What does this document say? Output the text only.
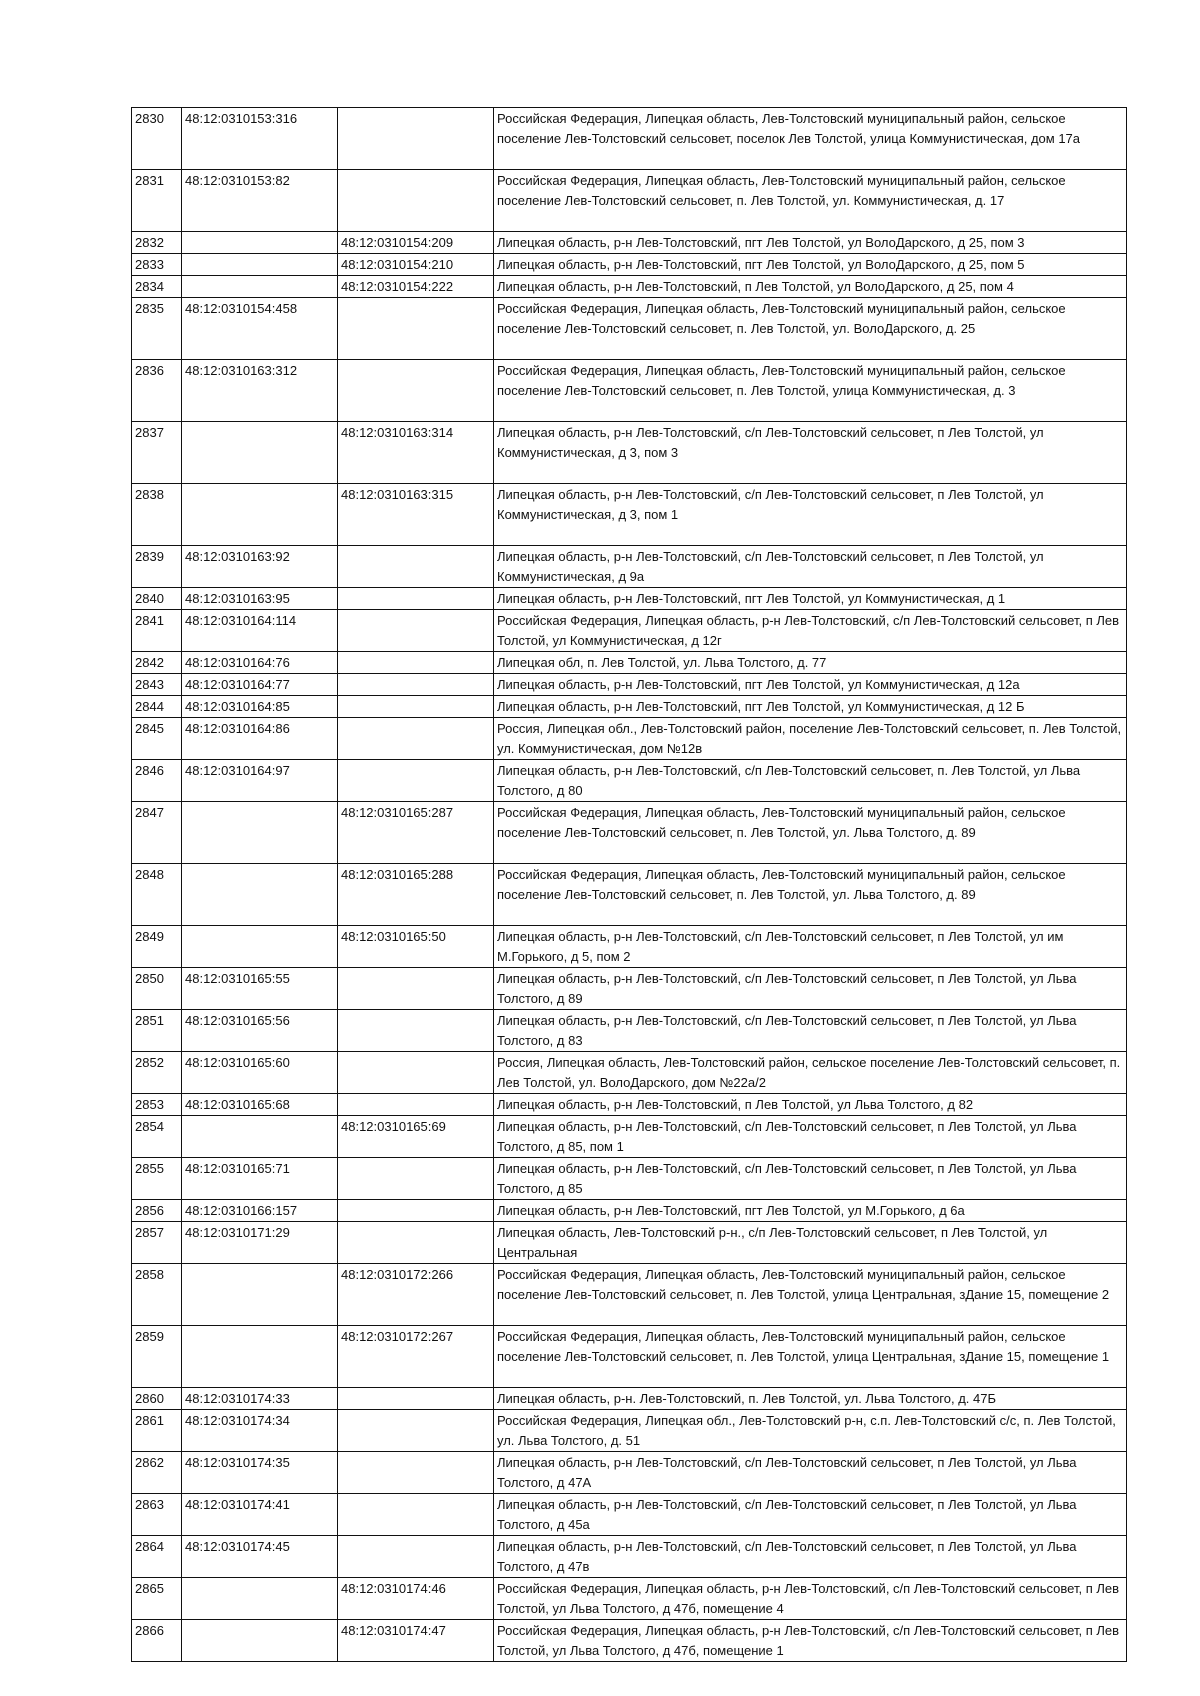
2830	48:12:0310153:316		Российская Федерация, Липецкая область, Лев-Толстовский муниципальный район, сельское поселение Лев-Толстовский сельсовет, поселок Лев Толстой, улица Коммунистическая, дом 17а
2831	48:12:0310153:82		Российская Федерация, Липецкая область, Лев-Толстовский муниципальный район, сельское поселение Лев-Толстовский сельсовет, п. Лев Толстой, ул. Коммунистическая, д. 17
2832		48:12:0310154:209	Липецкая область, р-н Лев-Толстовский, пгт Лев Толстой, ул ВолоДарского, д 25, пом 3
2833		48:12:0310154:210	Липецкая область, р-н Лев-Толстовский, пгт Лев Толстой, ул ВолоДарского, д 25, пом 5
2834		48:12:0310154:222	Липецкая область, р-н Лев-Толстовский, п Лев Толстой, ул ВолоДарского, д 25, пом 4
2835	48:12:0310154:458		Российская Федерация, Липецкая область, Лев-Толстовский муниципальный район, сельское поселение Лев-Толстовский сельсовет, п. Лев Толстой, ул. ВолоДарского, д. 25
2836	48:12:0310163:312		Российская Федерация, Липецкая область, Лев-Толстовский муниципальный район, сельское поселение Лев-Толстовский сельсовет, п. Лев Толстой, улица Коммунистическая, д. 3
2837		48:12:0310163:314	Липецкая область, р-н Лев-Толстовский, с/п Лев-Толстовский сельсовет, п Лев Толстой, ул Коммунистическая, д 3, пом 3
2838		48:12:0310163:315	Липецкая область, р-н Лев-Толстовский, с/п Лев-Толстовский сельсовет, п Лев Толстой, ул Коммунистическая, д 3, пом 1
2839	48:12:0310163:92		Липецкая область, р-н Лев-Толстовский, с/п Лев-Толстовский сельсовет, п Лев Толстой, ул Коммунистическая, д 9а
2840	48:12:0310163:95		Липецкая область, р-н Лев-Толстовский, пгт Лев Толстой, ул Коммунистическая, д 1
2841	48:12:0310164:114		Российская Федерация, Липецкая область, р-н Лев-Толстовский, с/п Лев-Толстовский сельсовет, п Лев Толстой, ул Коммунистическая, д 12г
2842	48:12:0310164:76		Липецкая обл, п. Лев Толстой, ул. Льва Толстого, д. 77
2843	48:12:0310164:77		Липецкая область, р-н Лев-Толстовский, пгт Лев Толстой, ул Коммунистическая, д 12а
2844	48:12:0310164:85		Липецкая область, р-н Лев-Толстовский, пгт Лев Толстой, ул Коммунистическая, д 12 Б
2845	48:12:0310164:86		Россия, Липецкая обл., Лев-Толстовский район, поселение Лев-Толстовский сельсовет, п. Лев Толстой, ул. Коммунистическая, дом №12в
2846	48:12:0310164:97		Липецкая область, р-н Лев-Толстовский, с/п Лев-Толстовский сельсовет, п. Лев Толстой, ул Льва Толстого, д 80
2847		48:12:0310165:287	Российская Федерация, Липецкая область, Лев-Толстовский муниципальный район, сельское поселение Лев-Толстовский сельсовет, п. Лев Толстой, ул. Льва Толстого, д. 89
2848		48:12:0310165:288	Российская Федерация, Липецкая область, Лев-Толстовский муниципальный район, сельское поселение Лев-Толстовский сельсовет, п. Лев Толстой, ул. Льва Толстого, д. 89
2849		48:12:0310165:50	Липецкая область, р-н Лев-Толстовский, с/п Лев-Толстовский сельсовет, п Лев Толстой, ул им М.Горького, д 5, пом 2
2850	48:12:0310165:55		Липецкая область, р-н Лев-Толстовский, с/п Лев-Толстовский сельсовет, п Лев Толстой, ул Льва Толстого, д 89
2851	48:12:0310165:56		Липецкая область, р-н Лев-Толстовский, с/п Лев-Толстовский сельсовет, п Лев Толстой, ул Льва Толстого, д 83
2852	48:12:0310165:60		Россия, Липецкая область, Лев-Толстовский район, сельское поселение Лев-Толстовский сельсовет, п. Лев Толстой, ул. ВолоДарского, дом №22а/2
2853	48:12:0310165:68		Липецкая область, р-н Лев-Толстовский, п Лев Толстой, ул Льва Толстого, д 82
2854		48:12:0310165:69	Липецкая область, р-н Лев-Толстовский, с/п Лев-Толстовский сельсовет, п Лев Толстой, ул Льва Толстого, д 85, пом 1
2855	48:12:0310165:71		Липецкая область, р-н Лев-Толстовский, с/п Лев-Толстовский сельсовет, п Лев Толстой, ул Льва Толстого, д 85
2856	48:12:0310166:157		Липецкая область, р-н Лев-Толстовский, пгт Лев Толстой, ул М.Горького, д 6а
2857	48:12:0310171:29		Липецкая область, Лев-Толстовский р-н., с/п Лев-Толстовский сельсовет, п Лев Толстой, ул Центральная
2858		48:12:0310172:266	Российская Федерация, Липецкая область, Лев-Толстовский муниципальный район, сельское поселение Лев-Толстовский сельсовет, п. Лев Толстой, улица Центральная, зДание 15, помещение 2
2859		48:12:0310172:267	Российская Федерация, Липецкая область, Лев-Толстовский муниципальный район, сельское поселение Лев-Толстовский сельсовет, п. Лев Толстой, улица Центральная, зДание 15, помещение 1
2860	48:12:0310174:33		Липецкая область, р-н. Лев-Толстовский, п. Лев Толстой, ул. Льва Толстого, д. 47Б
2861	48:12:0310174:34		Российская Федерация, Липецкая обл., Лев-Толстовский р-н, с.п. Лев-Толстовский с/с, п. Лев Толстой, ул. Льва Толстого, д. 51
2862	48:12:0310174:35		Липецкая область, р-н Лев-Толстовский, с/п Лев-Толстовский сельсовет, п Лев Толстой, ул Льва Толстого, д 47А
2863	48:12:0310174:41		Липецкая область, р-н Лев-Толстовский, с/п Лев-Толстовский сельсовет, п Лев Толстой, ул Льва Толстого, д 45а
2864	48:12:0310174:45		Липецкая область, р-н Лев-Толстовский, с/п Лев-Толстовский сельсовет, п Лев Толстой, ул Льва Толстого, д 47в
2865		48:12:0310174:46	Российская Федерация, Липецкая область, р-н Лев-Толстовский, с/п Лев-Толстовский сельсовет, п Лев Толстой, ул Льва Толстого, д 47б, помещение 4
2866		48:12:0310174:47	Российская Федерация, Липецкая область, р-н Лев-Толстовский, с/п Лев-Толстовский сельсовет, п Лев Толстой, ул Льва Толстого, д 47б, помещение 1
